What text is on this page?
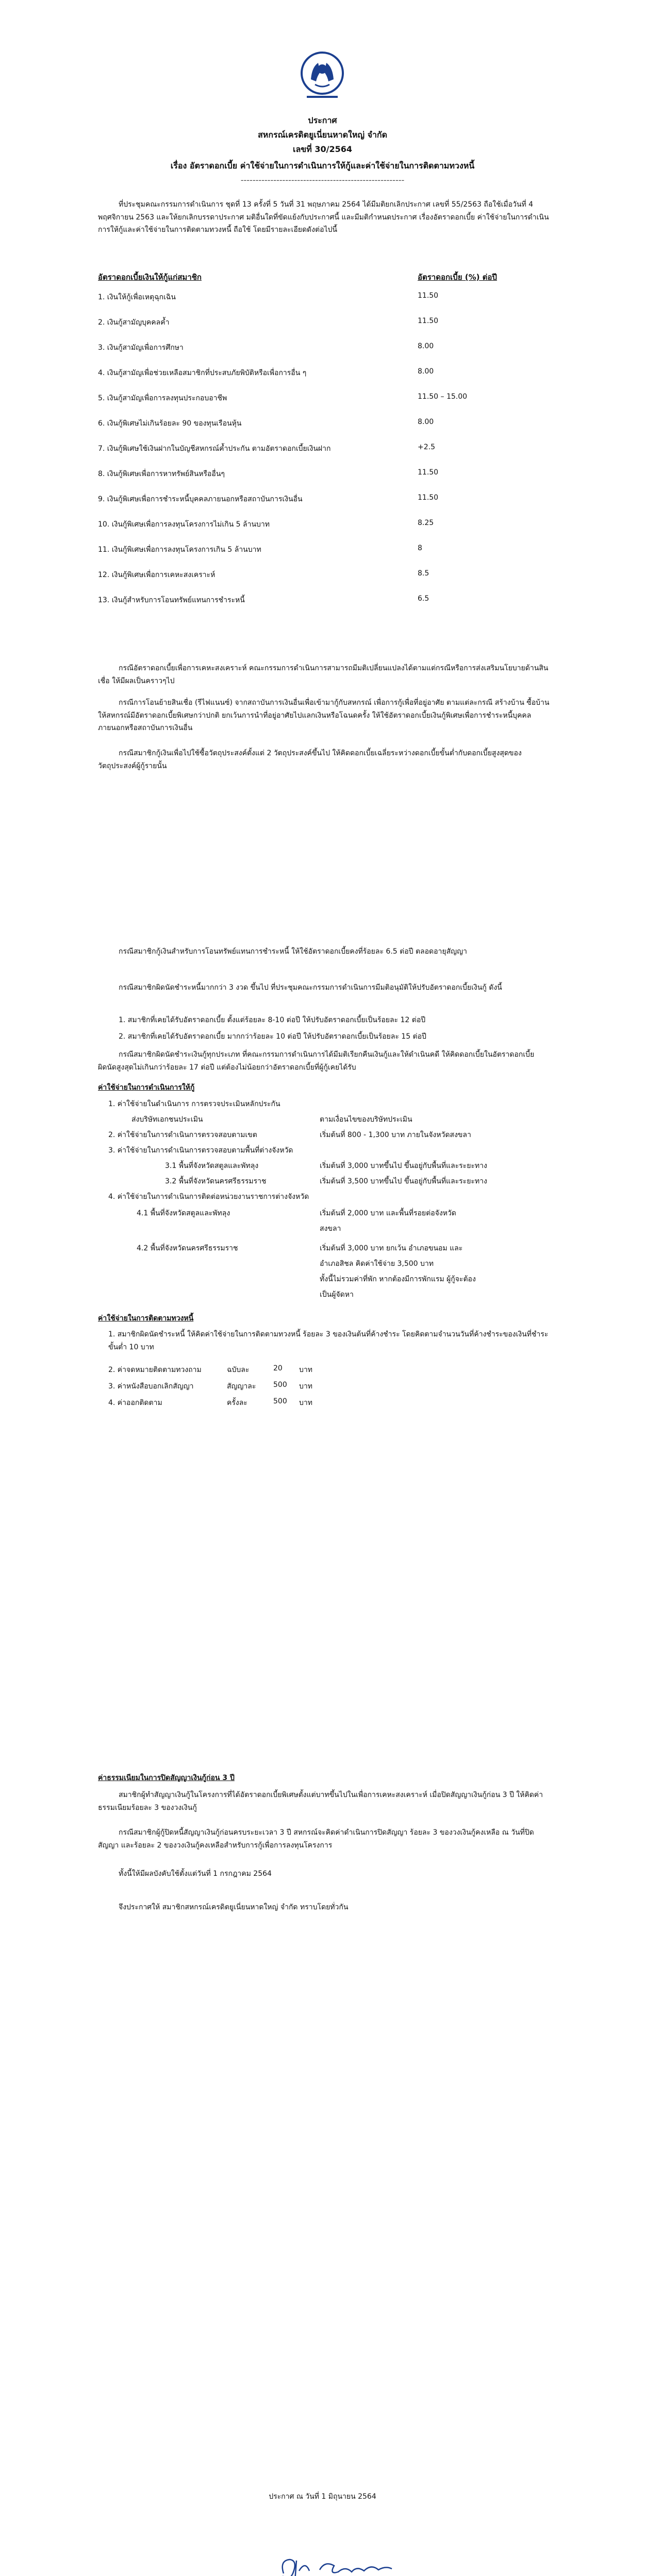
ประกาศ
สหกรณ์เครดิตยูเนี่ยนหาดใหญ่ จำกัด
เลขที่ 30/2564
เรื่อง อัตราดอกเบี้ย ค่าใช้จ่ายในการดำเนินการให้กู้และค่าใช้จ่ายในการติดตามทวงหนี้
-------------------------------------------------------
ที่ประชุมคณะกรรมการดำเนินการ ชุดที่ 13 ครั้งที่ 5 วันที่ 31 พฤษภาคม 2564 ได้มีมติยกเลิกประกาศ เลขที่ 55/2563 ถือใช้เมื่อวันที่ 4 พฤศจิกายน 2563 และให้ยกเลิกบรรดาประกาศ มติอื่นใดที่ขัดแย้งกับประกาศนี้ และมีมติกำหนดประกาศ เรื่องอัตราดอกเบี้ย ค่าใช้จ่ายในการดำเนินการให้กู้และค่าใช้จ่ายในการติดตามทวงหนี้ ถือใช้ โดยมีรายละเอียดดังต่อไปนี้
อัตราดอกเบี้ยเงินให้กู้แก่สมาชิก	อัตราดอกเบี้ย (%) ต่อปี
1. เงินให้กู้เพื่อเหตุฉุกเฉิน	11.50
2. เงินกู้สามัญบุคคลค้ำ	11.50
3. เงินกู้สามัญเพื่อการศึกษา	8.00
4. เงินกู้สามัญเพื่อช่วยเหลือสมาชิกที่ประสบภัยพิบัติหรือเพื่อการอื่น ๆ	8.00
5. เงินกู้สามัญเพื่อการลงทุนประกอบอาชีพ	11.50 – 15.00
6. เงินกู้พิเศษไม่เกินร้อยละ 90 ของทุนเรือนหุ้น	8.00
7. เงินกู้พิเศษใช้เงินฝากในบัญชีสหกรณ์ค้ำประกัน ตามอัตราดอกเบี้ยเงินฝาก	+2.5
8. เงินกู้พิเศษเพื่อการหาทรัพย์สินหรืออื่นๆ	11.50
9. เงินกู้พิเศษเพื่อการชำระหนี้บุคคลภายนอกหรือสถาบันการเงินอื่น	11.50
10. เงินกู้พิเศษเพื่อการลงทุนโครงการไม่เกิน 5 ล้านบาท	8.25
11. เงินกู้พิเศษเพื่อการลงทุนโครงการเกิน 5 ล้านบาท	8
12. เงินกู้พิเศษเพื่อการเคหะสงเคราะห์	8.5
13. เงินกู้สำหรับการโอนทรัพย์แทนการชำระหนี้	6.5
กรณีอัตราดอกเบี้ยเพื่อการเคหะสงเคราะห์ คณะกรรมการดำเนินการสามารถมีมติเปลี่ยนแปลงได้ตามแต่กรณีหรือการส่งเสริมนโยบายด้านสินเชื่อ ให้มีผลเป็นคราวๆไป
กรณีการโอนย้ายสินเชื่อ (รีไฟแนนซ์) จากสถาบันการเงินอื่นเพื่อเข้ามากู้กับสหกรณ์ เพื่อการกู้เพื่อที่อยู่อาศัย ตามแต่ละกรณี สร้างบ้าน ซื้อบ้าน ให้สหกรณ์มีอัตราดอกเบี้ยพิเศษกว่าปกติ ยกเว้นการนำที่อยู่อาศัยไปแลกเงินหรือโฉนดครั้ง ให้ใช้อัตราดอกเบี้ยเงินกู้พิเศษเพื่อการชำระหนี้บุคคลภายนอกหรือสถาบันการเงินอื่น
กรณีสมาชิกกู้เงินเพื่อไปใช้ซื้อวัตถุประสงค์ตั้งแต่ 2 วัตถุประสงค์ขึ้นไป ให้คิดดอกเบี้ยเฉลี่ยระหว่างดอกเบี้ยขั้นต่ำกับดอกเบี้ยสูงสุดของวัตถุประสงค์ผู้กู้รายนั้น
กรณีสมาชิกกู้เงินสำหรับการโอนทรัพย์แทนการชำระหนี้ ให้ใช้อัตราดอกเบี้ยคงที่ร้อยละ 6.5 ต่อปี ตลอดอายุสัญญา
กรณีสมาชิกผิดนัดชำระหนี้มากกว่า 3 งวด ขึ้นไป ที่ประชุมคณะกรรมการดำเนินการมีมติอนุมัติให้ปรับอัตราดอกเบี้ยเงินกู้ ดังนี้
1. สมาชิกที่เคยได้รับอัตราดอกเบี้ย ตั้งแต่ร้อยละ 8-10 ต่อปี ให้ปรับอัตราดอกเบี้ยเป็นร้อยละ 12 ต่อปี
2. สมาชิกที่เคยได้รับอัตราดอกเบี้ย มากกว่าร้อยละ 10 ต่อปี ให้ปรับอัตราดอกเบี้ยเป็นร้อยละ 15 ต่อปี
กรณีสมาชิกผิดนัดชำระเงินกู้ทุกประเภท ที่คณะกรรมการดำเนินการได้มีมติเรียกคืนเงินกู้และให้ดำเนินคดี ให้คิดดอกเบี้ยในอัตราดอกเบี้ยผิดนัดสูงสุดไม่เกินกว่าร้อยละ 17 ต่อปี แต่ต้องไม่น้อยกว่าอัตราดอกเบี้ยที่ผู้กู้เคยได้รับ
ค่าใช้จ่ายในการดำเนินการให้กู้
1. ค่าใช้จ่ายในดำเนินการ การตรวจประเมินหลักประกัน
ส่งบริษัทเอกชนประเมิน	ตามเงื่อนไขของบริษัทประเมิน
2. ค่าใช้จ่ายในการดำเนินการตรวจสอบตามเขต	เริ่มต้นที่ 800 - 1,300 บาท ภายในจังหวัดสงขลา
3. ค่าใช้จ่ายในการดำเนินการตรวจสอบตามพื้นที่ต่างจังหวัด
3.1 พื้นที่จังหวัดสตูลและพัทลุง	เริ่มต้นที่ 3,000 บาทขึ้นไป ขึ้นอยู่กับพื้นที่และระยะทาง
3.2 พื้นที่จังหวัดนครศรีธรรมราช	เริ่มต้นที่ 3,500 บาทขึ้นไป ขึ้นอยู่กับพื้นที่และระยะทาง
4. ค่าใช้จ่ายในการดำเนินการติดต่อหน่วยงานราชการต่างจังหวัด
4.1 พื้นที่จังหวัดสตูลและพัทลุง	เริ่มต้นที่ 2,000 บาท และพื้นที่รอยต่อจังหวัด
สงขลา
4.2 พื้นที่จังหวัดนครศรีธรรมราช	เริ่มต้นที่ 3,000 บาท ยกเว้น อำเภอขนอม และ
อำเภอสิชล คิดค่าใช้จ่าย 3,500 บาท
ทั้งนี้ไม่รวมค่าที่พัก หากต้องมีการพักแรม ผู้กู้จะต้อง
เป็นผู้จัดหา
ค่าใช้จ่ายในการติดตามทวงหนี้
1. สมาชิกผิดนัดชำระหนี้ ให้คิดค่าใช้จ่ายในการติดตามทวงหนี้ ร้อยละ 3 ของเงินต้นที่ค้างชำระ โดยคิดตามจำนวนวันที่ค้างชำระของเงินที่ชำระ ขั้นต่ำ 10 บาท
2. ค่าจดหมายติดตามทวงถาม	ฉบับละ	20 บาท
3. ค่าหนังสือบอกเลิกสัญญา	สัญญาละ 500 บาท
4. ค่าออกติดตาม	ครั้งละ	500 บาท
ค่าธรรมเนียมในการปิดสัญญาเงินกู้ก่อน 3 ปี
สมาชิกผู้ทำสัญญาเงินกู้ในโครงการที่ได้อัตราดอกเบี้ยพิเศษตั้งแต่บาทขึ้นไปในเพื่อการเคหะสงเคราะห์ เมื่อปิดสัญญาเงินกู้ก่อน 3 ปี ให้คิดค่าธรรมเนียมร้อยละ 3 ของวงเงินกู้
กรณีสมาชิกผู้กู้ปิดหนี้สัญญาเงินกู้ก่อนครบระยะเวลา 3 ปี สหกรณ์จะคิดค่าดำเนินการปิดสัญญา ร้อยละ 3 ของวงเงินกู้คงเหลือ ณ วันที่ปิดสัญญา และร้อยละ 2 ของวงเงินกู้คงเหลือสำหรับการกู้เพื่อการลงทุนโครงการ
ทั้งนี้ให้มีผลบังคับใช้ตั้งแต่วันที่ 1 กรกฎาคม 2564
จึงประกาศให้ สมาชิกสหกรณ์เครดิตยูเนี่ยนหาดใหญ่ จำกัด ทราบโดยทั่วกัน
ประกาศ ณ วันที่ 1 มิถุนายน 2564
